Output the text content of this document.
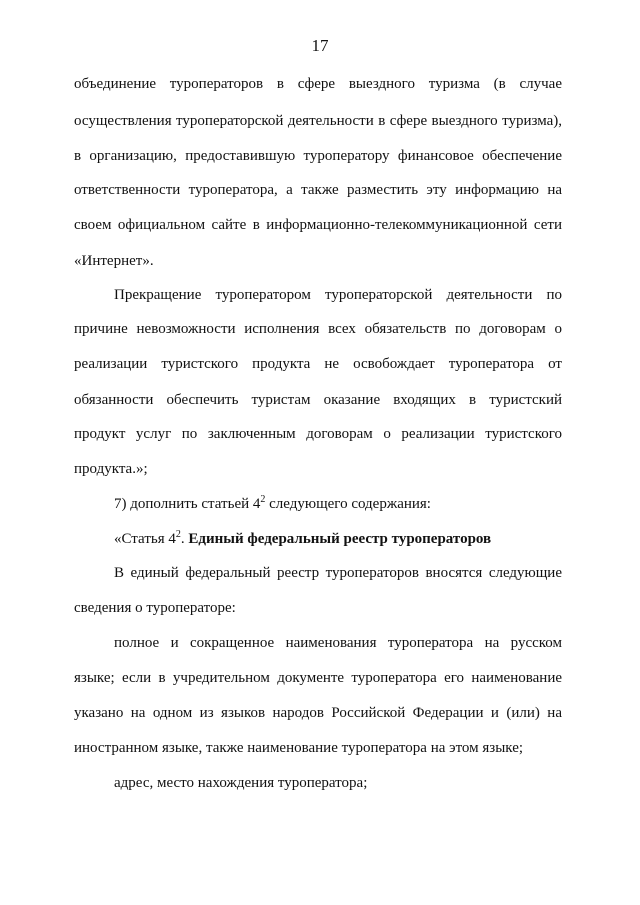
17
объединение туроператоров в сфере выездного туризма (в случае
осуществления туроператорской деятельности в сфере выездного туризма),
в организацию, предоставившую туроператору финансовое обеспечение
ответственности туроператора, а также разместить эту информацию на
своем официальном сайте в информационно-телекоммуникационной сети
«Интернет».
Прекращение туроператором туроператорской деятельности по
причине невозможности исполнения всех обязательств по договорам о
реализации туристского продукта не освобождает туроператора от
обязанности обеспечить туристам оказание входящих в туристский
продукт услуг по заключенным договорам о реализации туристского
продукта.»;
7) дополнить статьей $4^2$ следующего содержания:
«Статья $4^2$. Единый федеральный реестр туроператоров
В единый федеральный реестр туроператоров вносятся следующие
сведения о туроператоре:
полное и сокращенное наименования туроператора на русском
языке; если в учредительном документе туроператора его наименование
указано на одном из языков народов Российской Федерации и (или) на
иностранном языке, также наименование туроператора на этом языке;
адрес, место нахождения туроператора;
